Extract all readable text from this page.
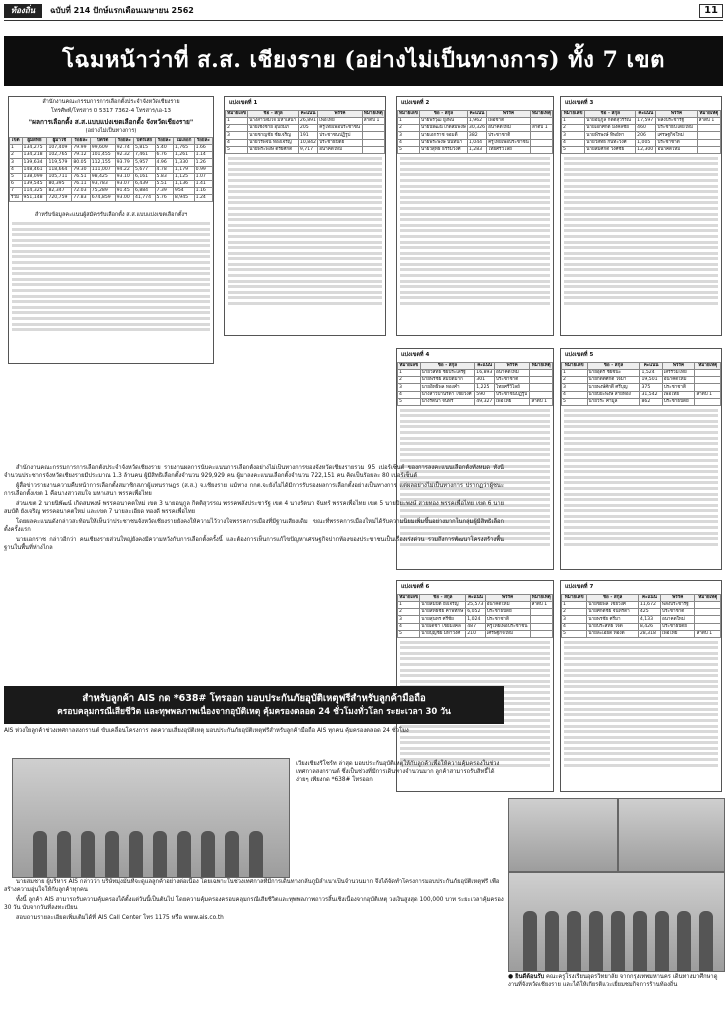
ท้องถิ่น	ฉบับที่ 214 ปักษ์แรกเดือนเมษายน 2562	11
โฉมหน้าว่าที่ ส.ส. เชียงราย (อย่างไม่เป็นทางการ) ทั้ง 7 เขต
สำนักงานคณะกรรมการการเลือกตั้งประจำจังหวัดเชียงราย
โทรศัพท์/โทรสาร 0 5317 7362-4 โทรสาร/เอ-13
"ผลการเลือกตั้ง ส.ส.แบบแบ่งเขตเลือกตั้ง จังหวัดเชียงราย"
(อย่างไม่เป็นทางการ)
เขต	ผู้มีสิทธิ	ผู้มาใช้	ร้อยละ	บัตรดี	ร้อยละ	บัตรเสีย	ร้อยละ	ไม่เลือก	ร้อยละ
1	134,275	107,409	79.99	99,609	92.74	5,815	5.40	1,765	1.66
2	134,218	102,765	79.12	101,455	92.32	7,461	6.76	1,261	1.14
3	139,634	119,579	80.05	112,155	93.79	5,957	4.96	1,330	1.26
4	148,461	118,664	79.30	111,007	94.22	5,677	4.78	1,179	0.99
5	138,099	105,711	76.51	98,425	93.10	6,161	5.83	1,125	1.07
6	139,545	80,395	76.11	93,783	93.07	6,439	5.51	1,136	1.41
7	114,325	82,347	72.03	75,289	91.45	6,884	7.39	954	1.16
รวม	951,148	720,759	77.83	674,859	93.00	41,774	5.76	8,945	1.24
สำหรับข้อมูลคะแนนผู้สมัครรับเลือกตั้ง ส.ส.แบบแบ่งเขตเลือกตั้งฯ
แบ่งเขตที่ 1
หมายเลข	ชื่อ - สกุล	คะแนน	พรรค	หมายเหตุ
1	นางสาวสมใจ มหาเสนา	26,891	เพื่อไทย	ลำดับ 1
2	นายเชิงชาย อุปถัมภ์	205	ครูไทยเพื่อประชาชน	
3	นายชาญชัย ชัยเจริญ	191	ประชาชนปฏิรูป	
4	นายวรพจน์ ทองเจริญ	10,842	ประชาธิปัตย์	
5	นายพีระพงษ์ ตรัยศักดิ์	9,717	อนาคตใหม่	
แบ่งเขตที่ 2
หมายเลข	ชื่อ - สกุล	คะแนน	พรรค	หมายเหตุ
1	นายพีรวุฒิ ยูงพน	1,962	เพื่อชาติ	
2	นายนิพัฒน์ เกิดสมพงษ์	30,326	อนาคตใหม่	ลำดับ 1
3	นายเอกราช จอมดี	382	ประชาชาติ	
4	นายพีระพงษ์ นันทนา	1,044	ครูไทยเพื่อประชาชน	
5	นายวิสุทธิ์ ธรรมวงศ์	1,283	ไทยศรีวิไลย์	
แบ่งเขตที่ 3
หมายเลข	ชื่อ - สกุล	คะแนน	พรรค	หมายเหตุ
1	นายอนุกูล กิตติสุวรรณ	17,597	พลังประชารัฐ	ลำดับ 1
2	นายเอกศักดิ์ มงคลชัย	460	ประชาธิปไตยใหม่	
3	นายพีรพงษ์ ทิพย์ทา	206	เศรษฐกิจใหม่	
4	นายวิสิทธิ์ กันทะวงศ์	1,005	ประชาชาติ	
5	นายสมศักดิ์ วงศ์ชัย	12,300	อนาคตใหม่	
แบ่งเขตที่ 4
หมายเลข	ชื่อ - สกุล	คะแนน	พรรค	หมายเหตุ
1	นายวิสิทธิ์ ชัยประเสริฐ	16,893	อนาคตใหม่	
2	นายพรชัย สมบัติมาก	301	ประชาชาติ	
3	นายอิทธิพล ทองคำ	1,225	ไทยศรีวิไลย์	
4	นางสาวปานรดา ไชยวงศ์	590	ประชาชนปฏิรูป	
5	นางรัตนา จันทร์	49,327	เพื่อไทย	ลำดับ 1
แบ่งเขตที่ 5
หมายเลข	ชื่อ - สกุล	คะแนน	พรรค	หมายเหตุ
1	นายอุดร ชัยชนะ	1,524	เสรีรวมไทย	
2	นายกิตติศักดิ์ ใจมา	19,501	อนาคตใหม่	
3	นายพงษ์ศักดิ์ ศรีบุญ	375	ประชาชาติ	
4	นายปิยะพงษ์ สายทอง	31,542	เพื่อไทย	ลำดับ 1
5	นายวีระ คำมูล	862	ประชาธิปัตย์	
แบ่งเขตที่ 6
หมายเลข	ชื่อ - สกุล	คะแนน	พรรค	หมายเหตุ
1	นายสมบัติ ยังเจริญ	25,573	อนาคตใหม่	ลำดับ 1
2	นายสิทธิชัย คำพิทักษ์	6,052	ประชาธิปัตย์	
3	นายสุนทร ศรีชัย	1,024	ประชาชาติ	
4	นายเดชา ไชยมงคล	487	ครูไทยเพื่อประชาชน	
5	นายบุญชัย มหาวงศ์	210	เศรษฐกิจใหม่	
แบ่งเขตที่ 7
หมายเลข	ชื่อ - สกุล	คะแนน	พรรค	หมายเหตุ
1	นายชยพล ไชยวงศ์	11,672	พลังประชารัฐ	
2	นายศักดิ์ชัย จันทร์ตา	425	ประชาชาติ	
3	นายพรชัย ศรีมา	4,133	อนาคตใหม่	
4	นายประสิทธิ์ ใจดี	8,426	ประชาธิปัตย์	
5	นายละเอียด ทองดี	28,318	เพื่อไทย	ลำดับ 1

สำนักงานคณะกรรมการการเลือกตั้งประจำจังหวัดเชียงราย รายงานผลการนับคะแนนการเลือกตั้งอย่างไม่เป็นทางการของจังหวัดเชียงรายรวม 95 เปอร์เซ็นต์ ของการลงคะแนนเลือกตั้งทั้งหมด ทั้งนี้จำนวนประชากรจังหวัดเชียงรายมีประมาณ 1.3 ล้านคน ผู้มีสิทธิเลือกตั้งจำนวน 929,929 คน ผู้มาลงคะแนนเลือกตั้งจำนวน 722,151 คน คิดเป็นร้อยละ 80 เปอร์เซ็นต์

ผู้สื่อข่าวรายงานความคืบหน้าการเลือกตั้งสมาชิกสภาผู้แทนราษฎร (ส.ส.) จ.เชียงราย แม้ทาง กกต.จะยังไม่ได้มีการรับรองผลการเลือกตั้งอย่างเป็นทางการ แต่ผลอย่างไม่เป็นทางการ ปรากฏว่าผู้ชนะการเลือกตั้งเขต 1 คือนางสาวสมใจ มหาเสนา พรรคเพื่อไทย

ส่วนเขต 2 นายนิพัฒน์ เกิดสมพงษ์ พรรคอนาคตใหม่ เขต 3 นายอนุกูล กิตติสุวรรณ พรรคพลังประชารัฐ เขต 4 นางรัตนา จันทร์ พรรคเพื่อไทย เขต 5 นายปิยะพงษ์ สายทอง พรรคเพื่อไทย เขต 6 นายสมบัติ ยังเจริญ พรรคอนาคตใหม่ และเขต 7 นายละเอียด ทองดี พรรคเพื่อไทย

โดยผลคะแนนดังกล่าวสะท้อนให้เห็นว่าประชาชนจังหวัดเชียงรายยังคงให้ความไว้วางใจพรรคการเมืองที่มีฐานเสียงเดิม ขณะที่พรรคการเมืองใหม่ได้รับความนิยมเพิ่มขึ้นอย่างมากในกลุ่มผู้มีสิทธิเลือกตั้งครั้งแรก

นายเอกราช กล่าวอีกว่า คนเชียงรายส่วนใหญ่ยังคงมีความหวังกับการเลือกตั้งครั้งนี้ และต้องการเห็นการแก้ไขปัญหาเศรษฐกิจปากท้องของประชาชนเป็นเรื่องเร่งด่วน รวมถึงการพัฒนาโครงสร้างพื้นฐานในพื้นที่ห่างไกล

สำหรับลูกค้า AIS กด *638# โทรออก มอบประกันภัยอุบัติเหตุฟรีสำหรับลูกค้ามือถือ
ครอบคลุมกรณีเสียชีวิต และทุพพลภาพเนื่องจากอุบัติเหตุ คุ้มครองตลอด 24 ชั่วโมงทั่วโลก ระยะเวลา 30 วัน
AIS ห่วงใยลูกค้าช่วงเทศกาลสงกรานต์ ขับเคลื่อนโครงการ ลดความเสี่ยงอุบัติเหตุ มอบประกันภัยอุบัติเหตุฟรีสำหรับลูกค้ามือถือ AIS ทุกคน คุ้มครองตลอด 24 ชั่วโมง
เวียงเชียงรีโซร์ท ล่าสุด มอบประกันอุบัติเหตุให้กับลูกค้าเพื่อให้ความคุ้มครองในช่วงเทศกาลสงกรานต์ ซึ่งเป็นช่วงที่มีการเดินทางจำนวนมาก ลูกค้าสามารถรับสิทธิ์ได้ง่ายๆ เพียงกด *638# โทรออก

นายสมชาย ผู้บริหาร AIS กล่าวว่า บริษัทมุ่งมั่นที่จะดูแลลูกค้าอย่างต่อเนื่อง โดยเฉพาะในช่วงเทศกาลที่มีการเดินทางกลับภูมิลำเนาเป็นจำนวนมาก จึงได้จัดทำโครงการมอบประกันภัยอุบัติเหตุฟรี เพื่อสร้างความอุ่นใจให้กับลูกค้าทุกคน

ทั้งนี้ ลูกค้า AIS สามารถรับความคุ้มครองได้ตั้งแต่วันนี้เป็นต้นไป โดยความคุ้มครองครอบคลุมกรณีเสียชีวิตและทุพพลภาพถาวรสิ้นเชิงเนื่องจากอุบัติเหตุ วงเงินสูงสุด 100,000 บาท ระยะเวลาคุ้มครอง 30 วัน นับจากวันที่ลงทะเบียน

สอบถามรายละเอียดเพิ่มเติมได้ที่ AIS Call Center โทร 1175 หรือ www.ais.co.th

● ยินดีต้อนรับ คณะครูโรงเรียนอุดรวิทยาลัย จากกรุงเทพมหานคร เดินทางมาศึกษาดูงานที่จังหวัดเชียงราย และได้ให้เกียรติแวะเยี่ยมชมกิจการร้านท้องถิ่น
